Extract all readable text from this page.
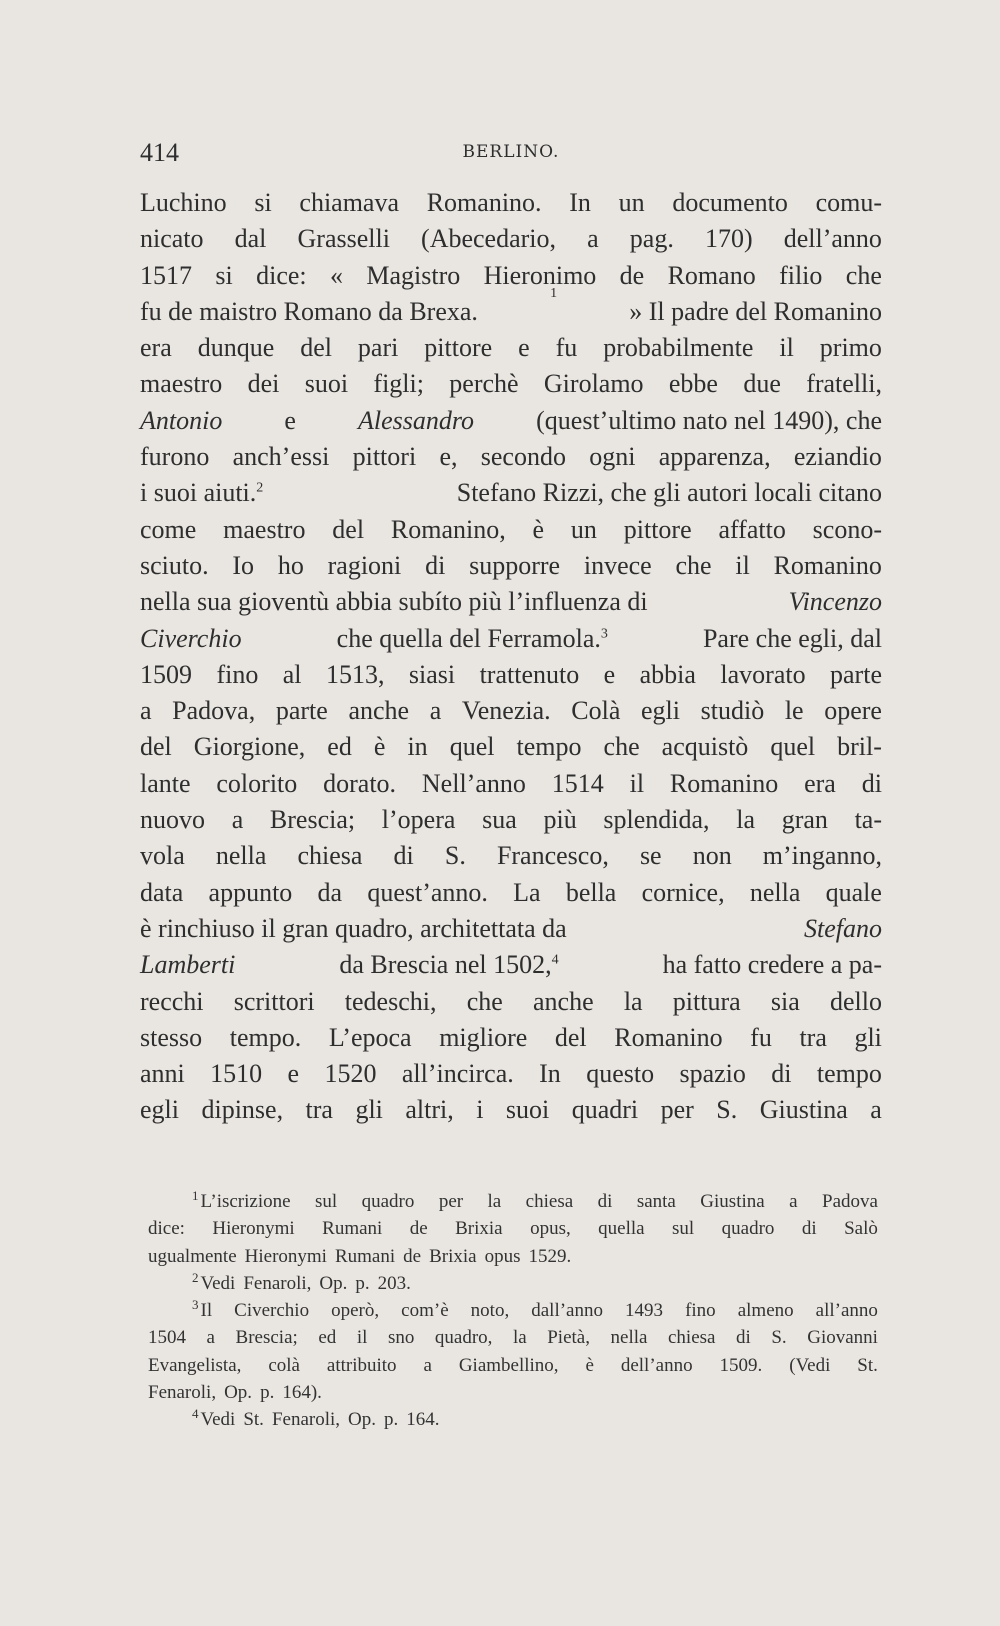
414	BERLINO.
Luchino si chiamava Romanino. In un documento comu-
nicato dal Grasselli (Abecedario, a pag. 170) dell’anno
1517 si dice: « Magistro Hieronimo de Romano filio che
fu de maistro Romano da Brexa.
1
» Il padre del Romanino
era dunque del pari pittore e fu probabilmente il primo
maestro dei suoi figli; perchè Girolamo ebbe due fratelli,
Antonio e Alessandro (quest’ultimo nato nel 1490), che
furono anch’essi pittori e, secondo ogni apparenza, eziandio
i suoi aiuti.$^2$	Stefano Rizzi, che gli autori locali citano
come maestro del Romanino, è un pittore affatto scono-
sciuto. Io ho ragioni di supporre invece che il Romanino
nella sua gioventù abbia subíto più l’influenza di	Vincenzo
Civerchio	che quella del Ferramola.$^3$	Pare che egli, dal
1509 fino al 1513, siasi trattenuto e abbia lavorato parte
a Padova, parte anche a Venezia. Colà egli studiò le opere
del Giorgione, ed è in quel tempo che acquistò quel bril-
lante colorito dorato. Nell’anno 1514 il Romanino era di
nuovo a Brescia; l’opera sua più splendida, la gran ta-
vola nella chiesa di S. Francesco, se non m’inganno,
data appunto da quest’anno. La bella cornice, nella quale
è rinchiuso il gran quadro, architettata da	Stefano
Lamberti	da Brescia nel 1502,$^4$	ha fatto credere a pa-
recchi scrittori tedeschi, che anche la pittura sia dello
stesso tempo. L’epoca migliore del Romanino fu tra gli
anni 1510 e 1520 all’incirca. In questo spazio di tempo
egli dipinse, tra gli altri, i suoi quadri per S. Giustina a
$^1$ L’iscrizione sul quadro per la chiesa di santa Giustina a Padova
dice: Hieronymi Rumani de Brixia opus, quella sul quadro di Salò
ugualmente Hieronymi Rumani de Brixia opus 1529.
$^2$ Vedi Fenaroli, Op. p. 203.
$^3$ Il Civerchio operò, com’è noto, dall’anno 1493 fino almeno all’anno
1504 a Brescia; ed il sno quadro, la Pietà, nella chiesa di S. Giovanni
Evangelista, colà attribuito a Giambellino, è dell’anno 1509. (Vedi St.
Fenaroli, Op. p. 164).
$^4$ Vedi St. Fenaroli, Op. p. 164.
